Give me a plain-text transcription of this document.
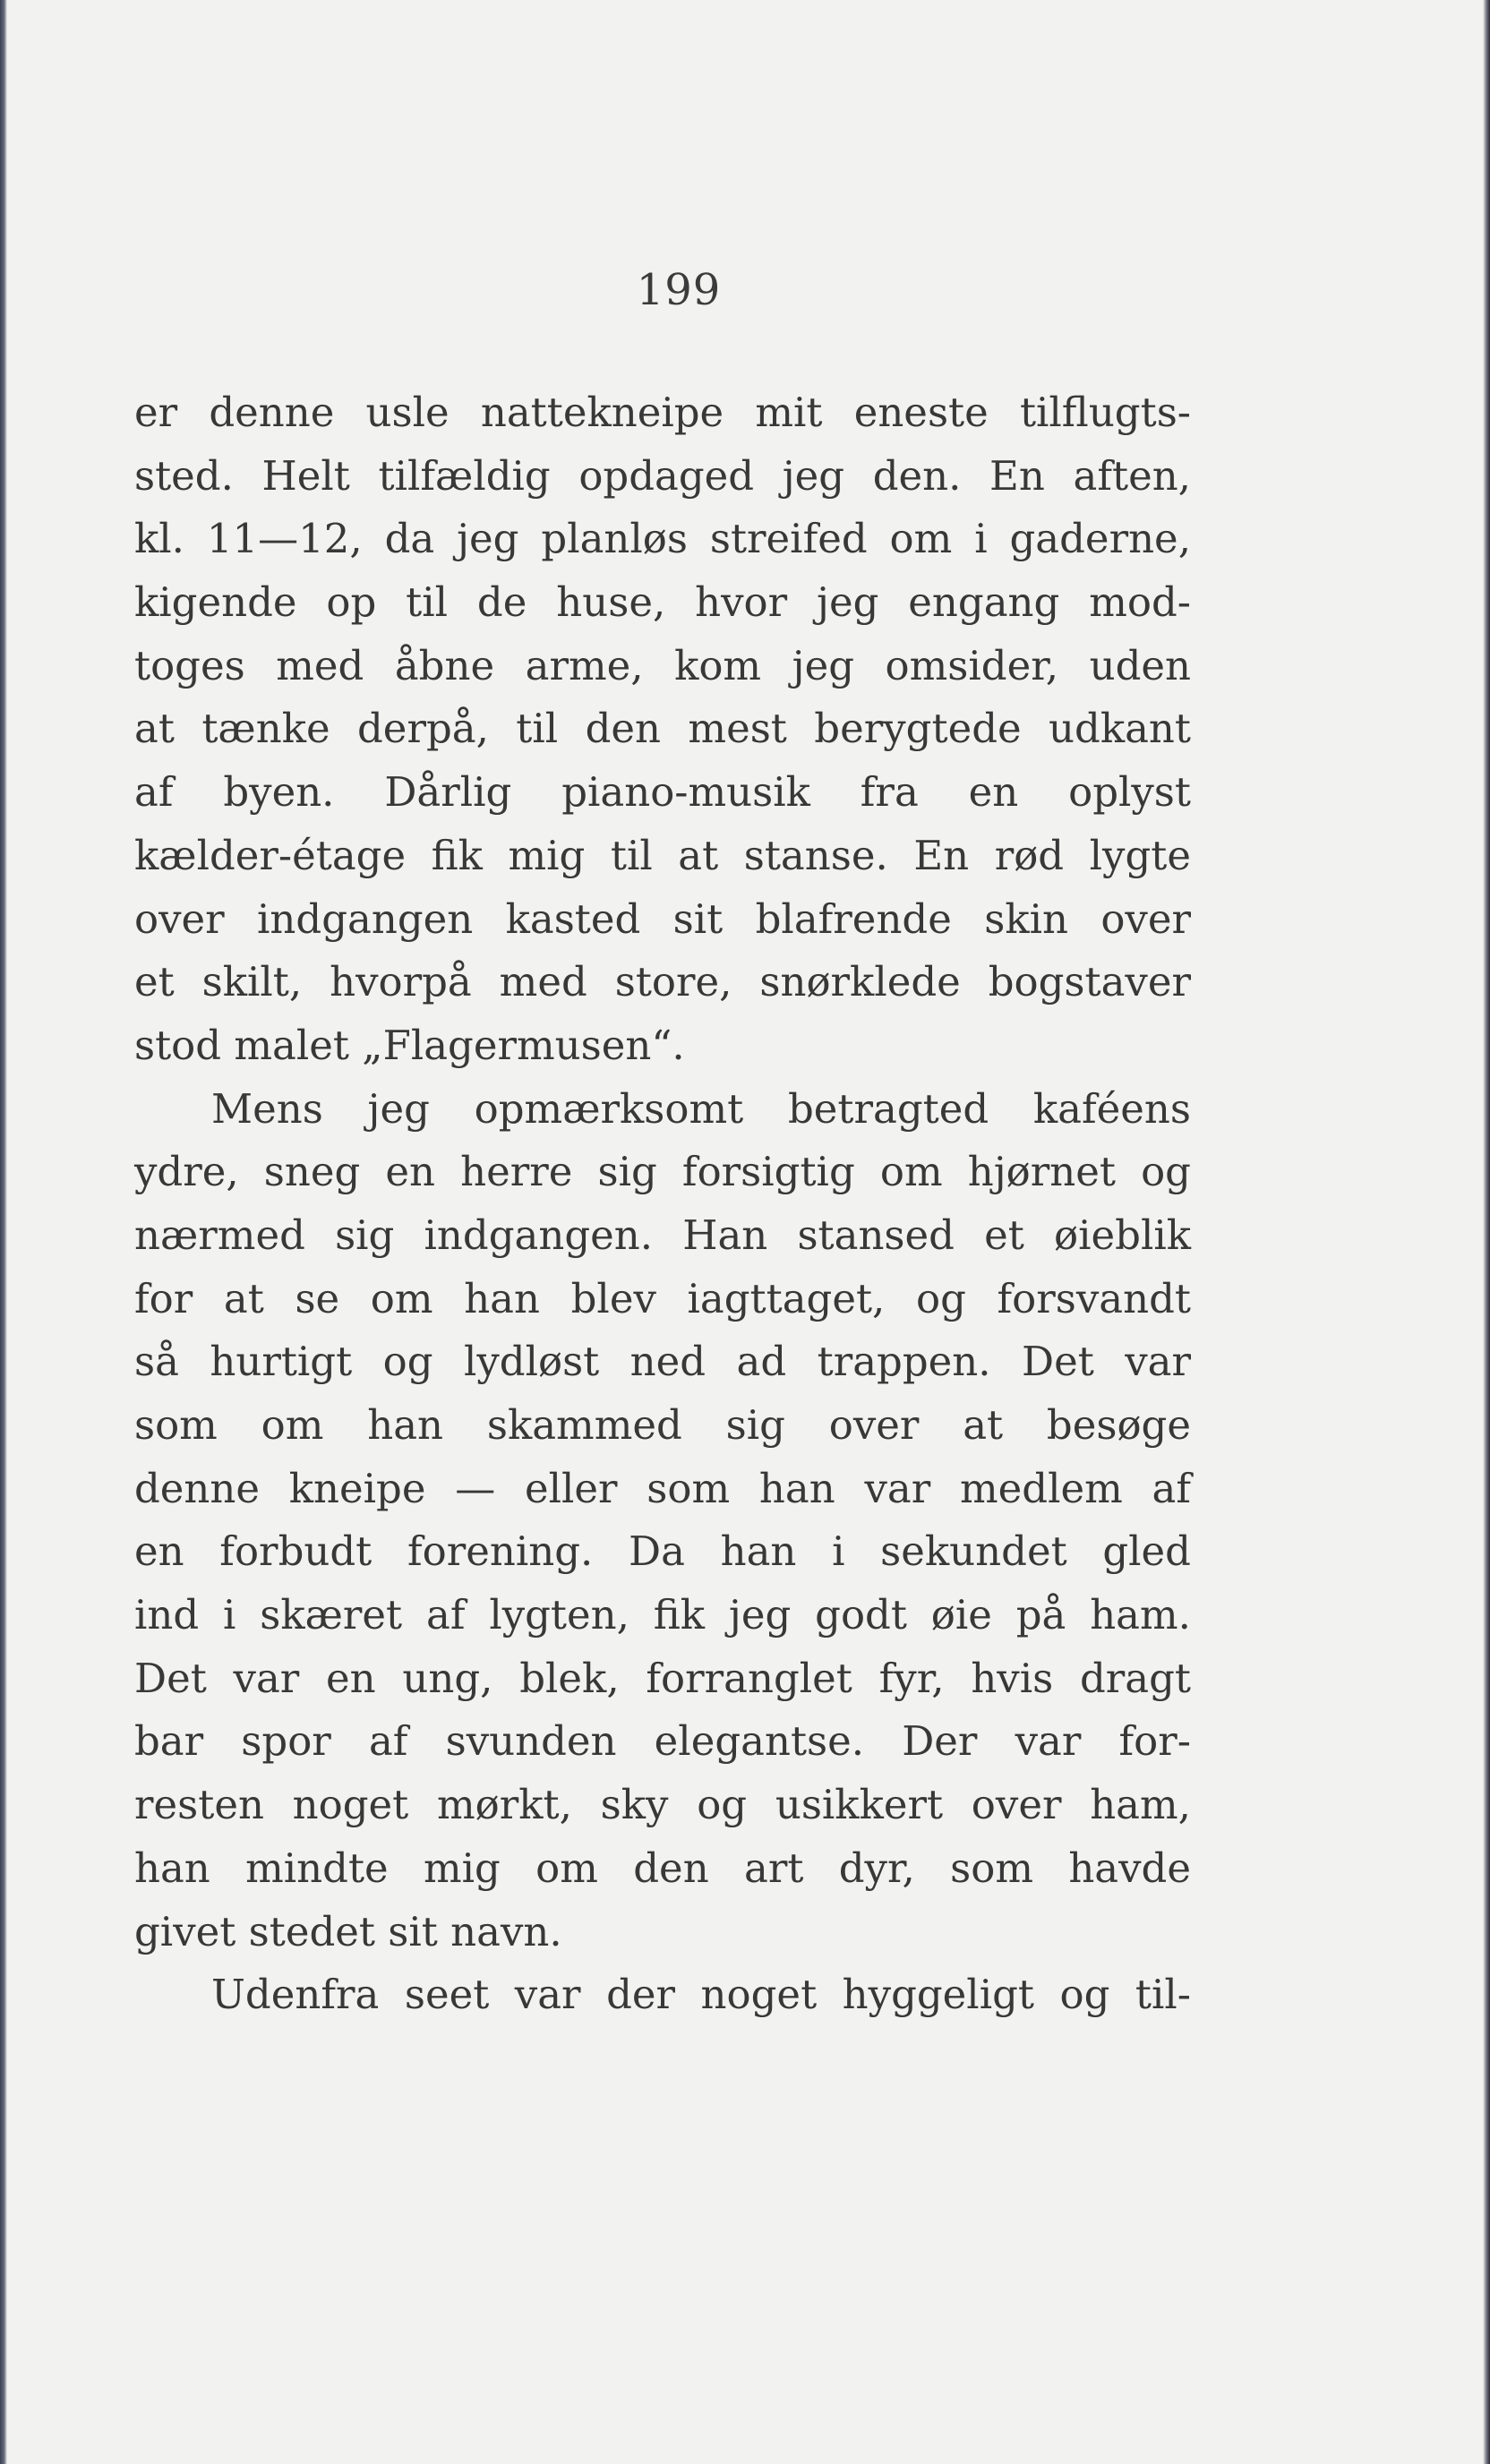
199
er denne usle nattekneipe mit eneste tilflugts-
sted. Helt tilfældig opdaged jeg den. En aften,
kl. 11—12, da jeg planløs streifed om i gaderne,
kigende op til de huse, hvor jeg engang mod-
toges med åbne arme, kom jeg omsider, uden
at tænke derpå, til den mest berygtede udkant
af byen. Dårlig piano-musik fra en oplyst
kælder-étage fik mig til at stanse. En rød lygte
over indgangen kasted sit blafrende skin over
et skilt, hvorpå med store, snørklede bogstaver
stod malet „Flagermusen“.
Mens jeg opmærksomt betragted kaféens
ydre, sneg en herre sig forsigtig om hjørnet og
nærmed sig indgangen. Han stansed et øieblik
for at se om han blev iagttaget, og forsvandt
så hurtigt og lydløst ned ad trappen. Det var
som om han skammed sig over at besøge
denne kneipe — eller som han var medlem af
en forbudt forening. Da han i sekundet gled
ind i skæret af lygten, fik jeg godt øie på ham.
Det var en ung, blek, forranglet fyr, hvis dragt
bar spor af svunden elegantse. Der var for-
resten noget mørkt, sky og usikkert over ham,
han mindte mig om den art dyr, som havde
givet stedet sit navn.
Udenfra seet var der noget hyggeligt og til-
